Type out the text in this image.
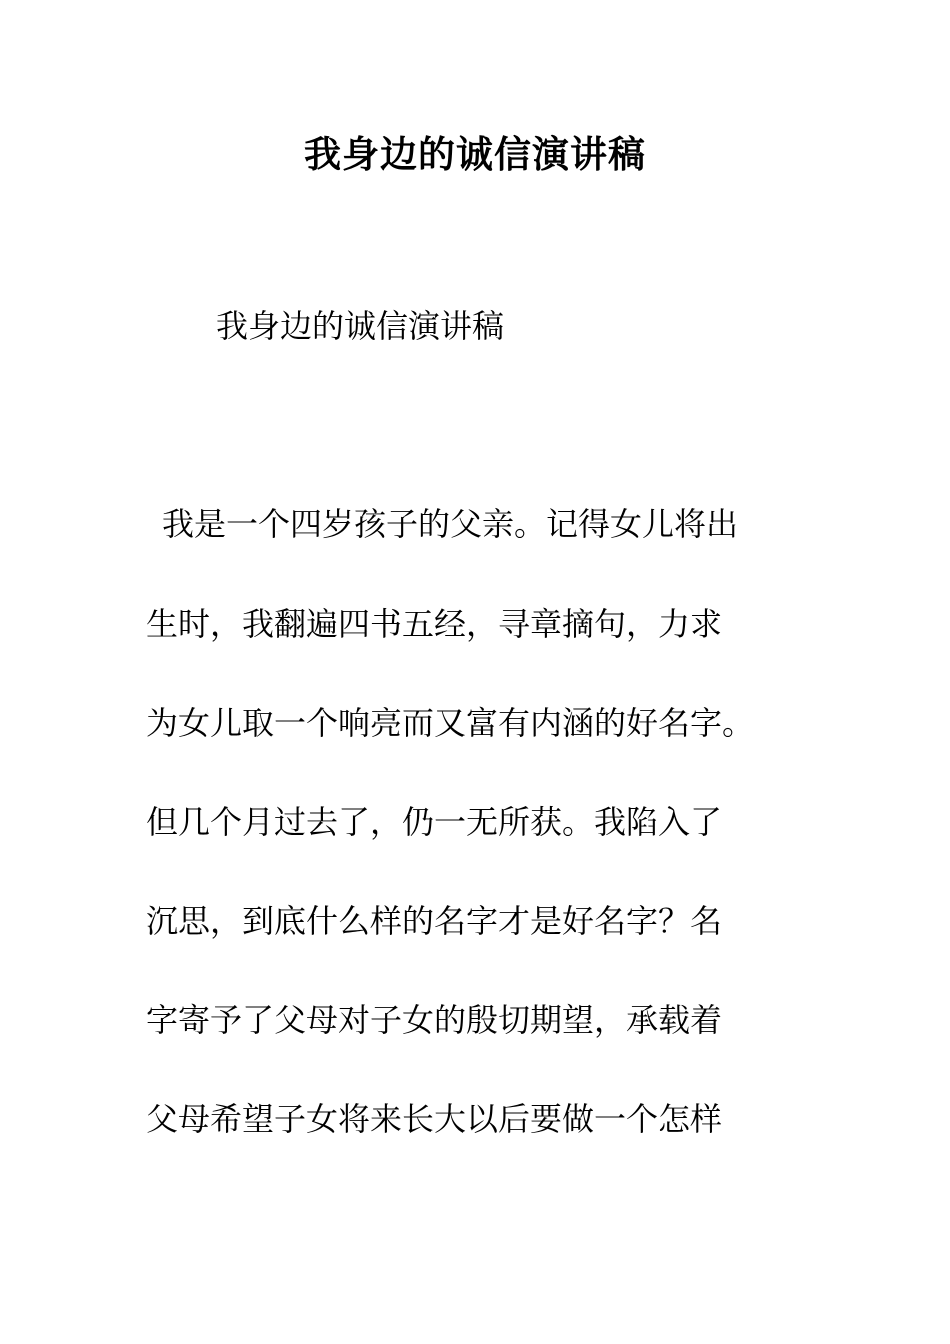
我身边的诚信演讲稿
我身边的诚信演讲稿
我是一个四岁孩子的父亲。记得女儿将出
生时，我翻遍四书五经，寻章摘句，力求
为女儿取一个响亮而又富有内涵的好名字。
但几个月过去了，仍一无所获。我陷入了
沉思，到底什么样的名字才是好名字？名
字寄予了父母对子女的殷切期望，承载着
父母希望子女将来长大以后要做一个怎样
